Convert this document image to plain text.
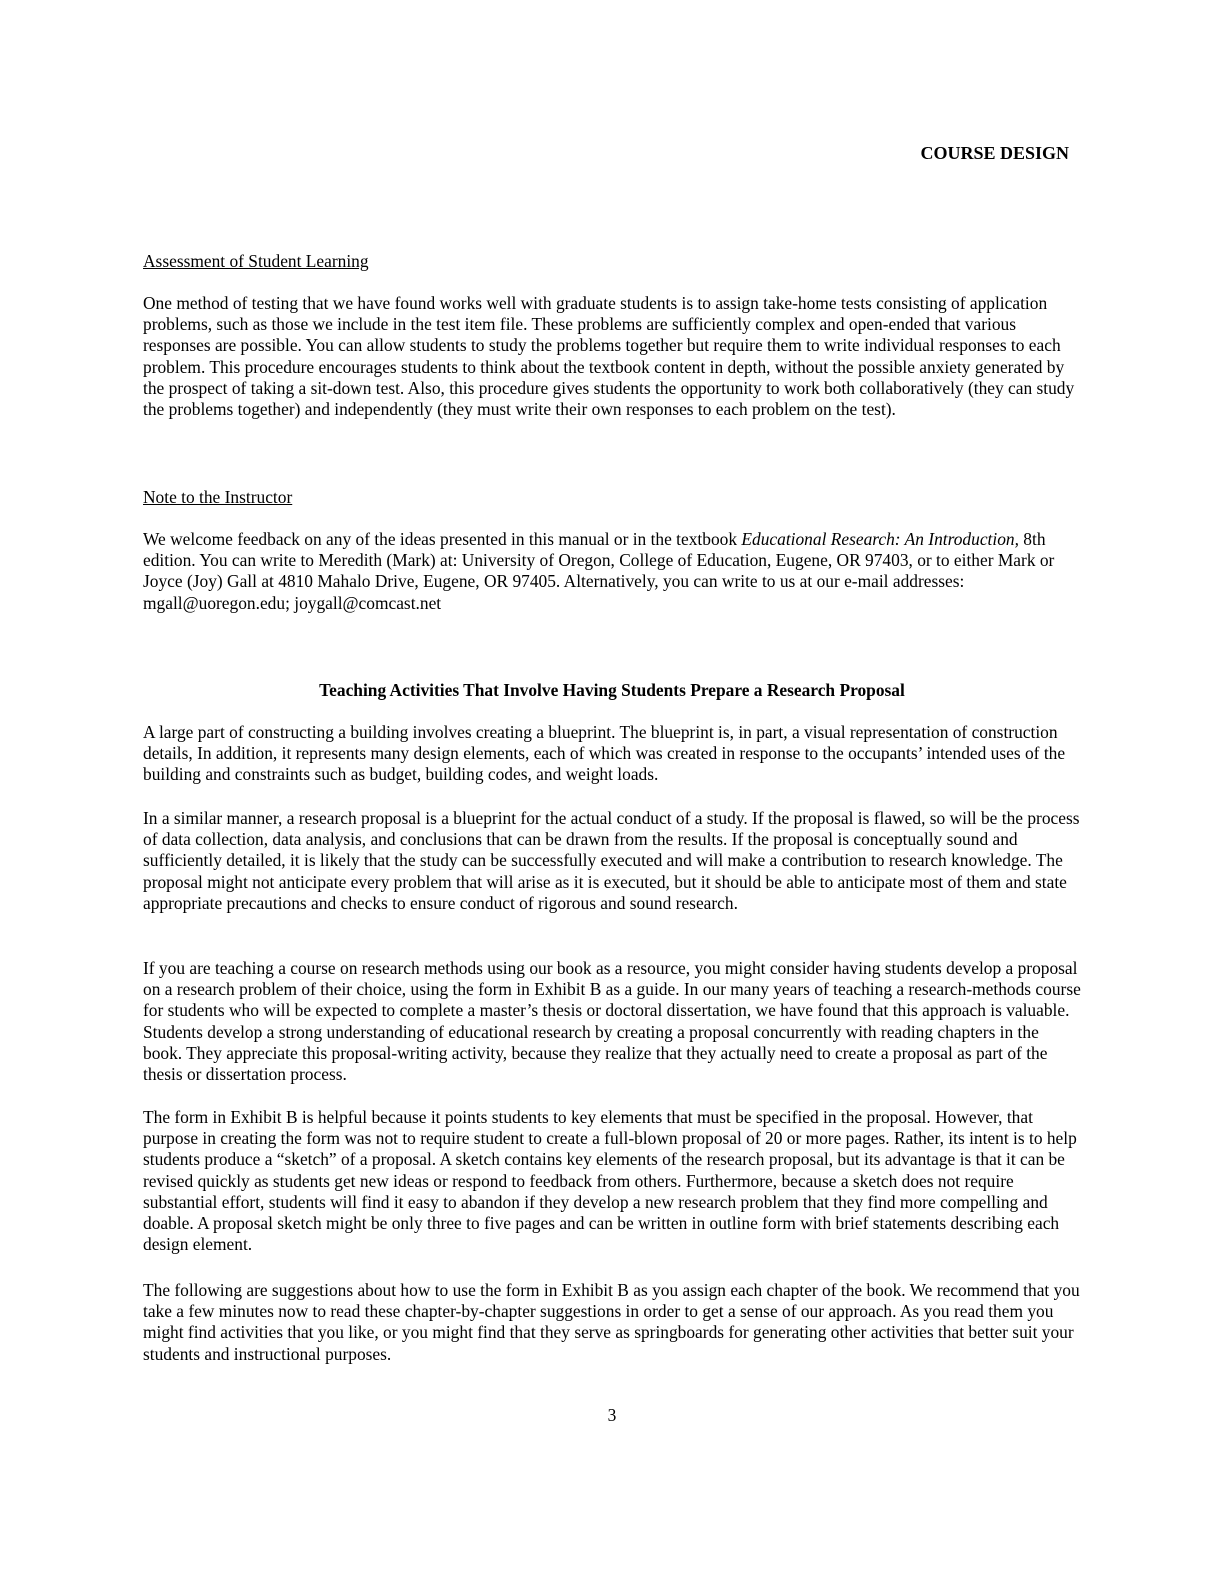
COURSE DESIGN
Assessment of Student Learning

One method of testing that we have found works well with graduate students is to assign take-home tests consisting of application problems, such as those we include in the test item file. These problems are sufficiently complex and open-ended that various responses are possible. You can allow students to study the problems together but require them to write individual responses to each problem. This procedure encourages students to think about the textbook content in depth, without the possible anxiety generated by the prospect of taking a sit-down test. Also, this procedure gives students the opportunity to work both collaboratively (they can study the problems together) and independently (they must write their own responses to each problem on the test).

Note to the Instructor

We welcome feedback on any of the ideas presented in this manual or in the textbook Educational Research: An Introduction, 8th edition. You can write to Meredith (Mark) at: University of Oregon, College of Education, Eugene, OR 97403, or to either Mark or Joyce (Joy) Gall at 4810 Mahalo Drive, Eugene, OR 97405. Alternatively, you can write to us at our e-mail addresses: mgall@uoregon.edu; joygall@comcast.net

Teaching Activities That Involve Having Students Prepare a Research Proposal

A large part of constructing a building involves creating a blueprint. The blueprint is, in part, a visual representation of construction details, In addition, it represents many design elements, each of which was created in response to the occupants’ intended uses of the building and constraints such as budget, building codes, and weight loads.

In a similar manner, a research proposal is a blueprint for the actual conduct of a study. If the proposal is flawed, so will be the process of data collection, data analysis, and conclusions that can be drawn from the results. If the proposal is conceptually sound and sufficiently detailed, it is likely that the study can be successfully executed and will make a contribution to research knowledge. The proposal might not anticipate every problem that will arise as it is executed, but it should be able to anticipate most of them and state appropriate precautions and checks to ensure conduct of rigorous and sound research.

If you are teaching a course on research methods using our book as a resource, you might consider having students develop a proposal on a research problem of their choice, using the form in Exhibit B as a guide. In our many years of teaching a research-methods course for students who will be expected to complete a master’s thesis or doctoral dissertation, we have found that this approach is valuable. Students develop a strong understanding of educational research by creating a proposal concurrently with reading chapters in the book. They appreciate this proposal-writing activity, because they realize that they actually need to create a proposal as part of the thesis or dissertation process.

The form in Exhibit B is helpful because it points students to key elements that must be specified in the proposal. However, that purpose in creating the form was not to require student to create a full-blown proposal of 20 or more pages. Rather, its intent is to help students produce a “sketch” of a proposal. A sketch contains key elements of the research proposal, but its advantage is that it can be revised quickly as students get new ideas or respond to feedback from others. Furthermore, because a sketch does not require substantial effort, students will find it easy to abandon if they develop a new research problem that they find more compelling and doable. A proposal sketch might be only three to five pages and can be written in outline form with brief statements describing each design element.

The following are suggestions about how to use the form in Exhibit B as you assign each chapter of the book. We recommend that you take a few minutes now to read these chapter-by-chapter suggestions in order to get a sense of our approach. As you read them you might find activities that you like, or you might find that they serve as springboards for generating other activities that better suit your students and instructional purposes.

3
